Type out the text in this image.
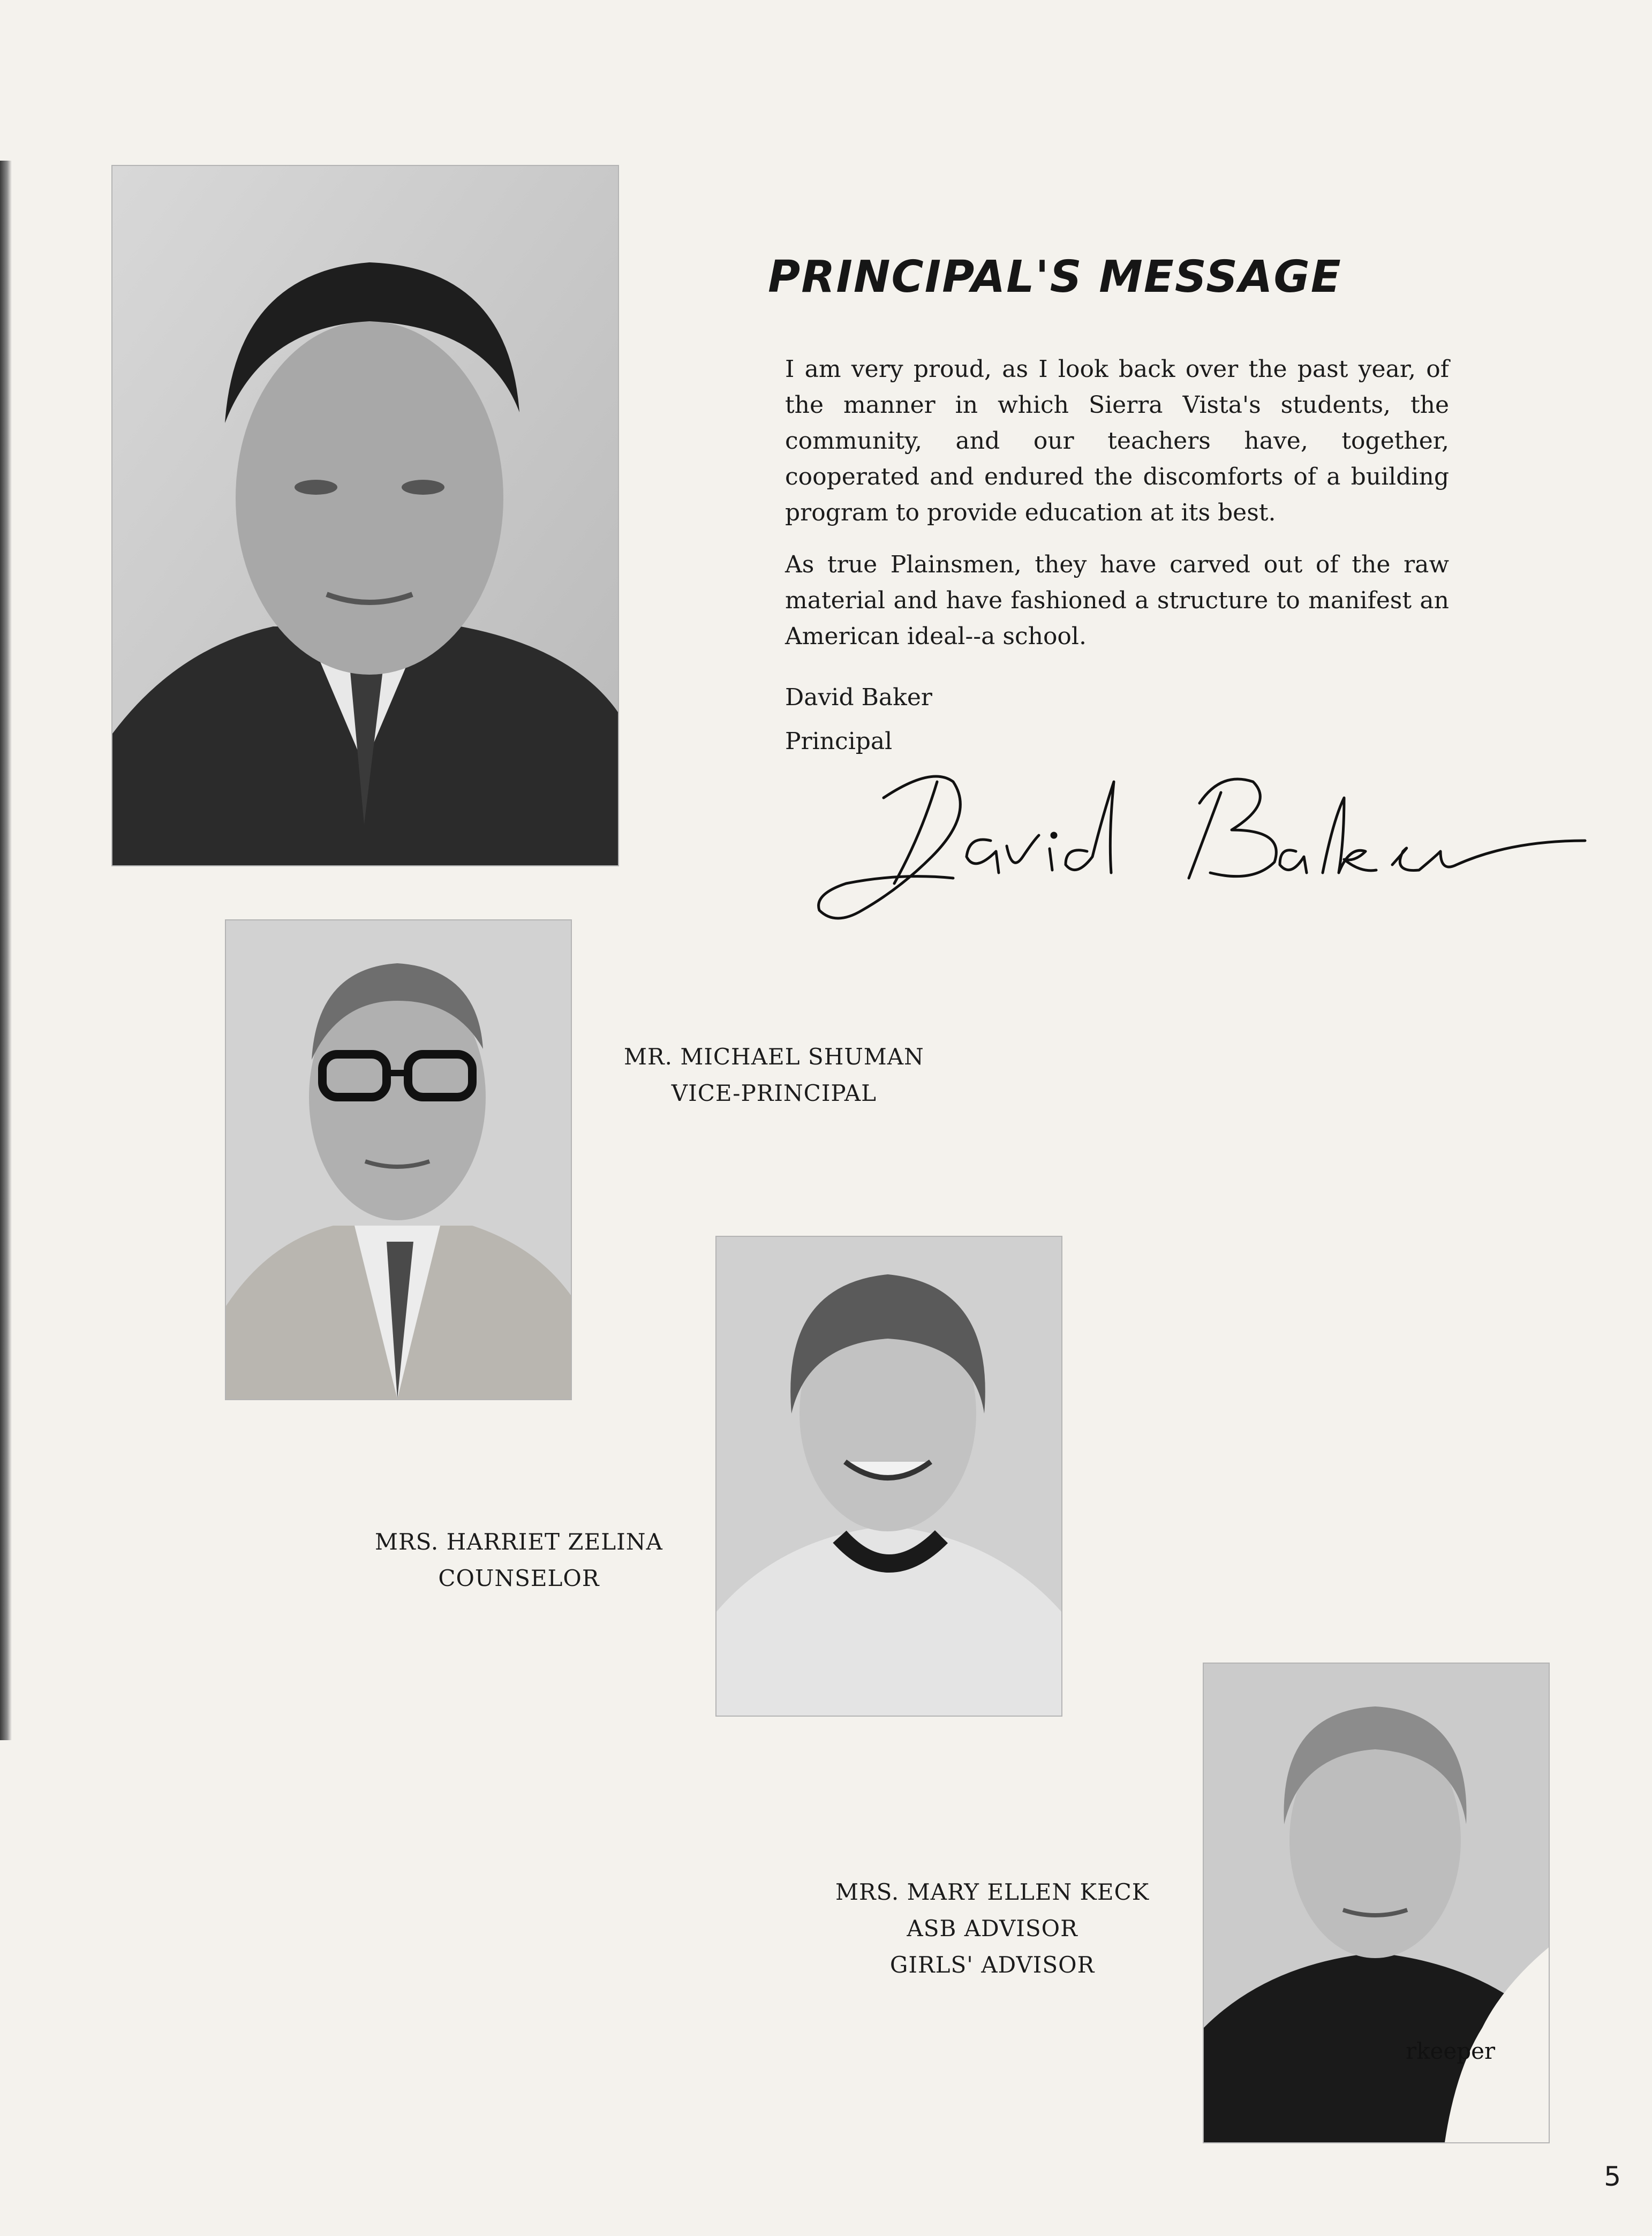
PRINCIPAL'S MESSAGE

I am very proud, as I look back over the past year, of the manner in which Sierra Vista's students, the community, and our teachers have, together, cooperated and endured the discomforts of a building program to provide education at its best.

As true Plainsmen, they have carved out of the raw material and have fashioned a structure to manifest an American ideal--a school.

David Baker
Principal
MR. MICHAEL SHUMAN
VICE-PRINCIPAL
MRS. HARRIET ZELINA
COUNSELOR
rkeeper
MRS. MARY ELLEN KECK
ASB ADVISOR
GIRLS' ADVISOR
5
